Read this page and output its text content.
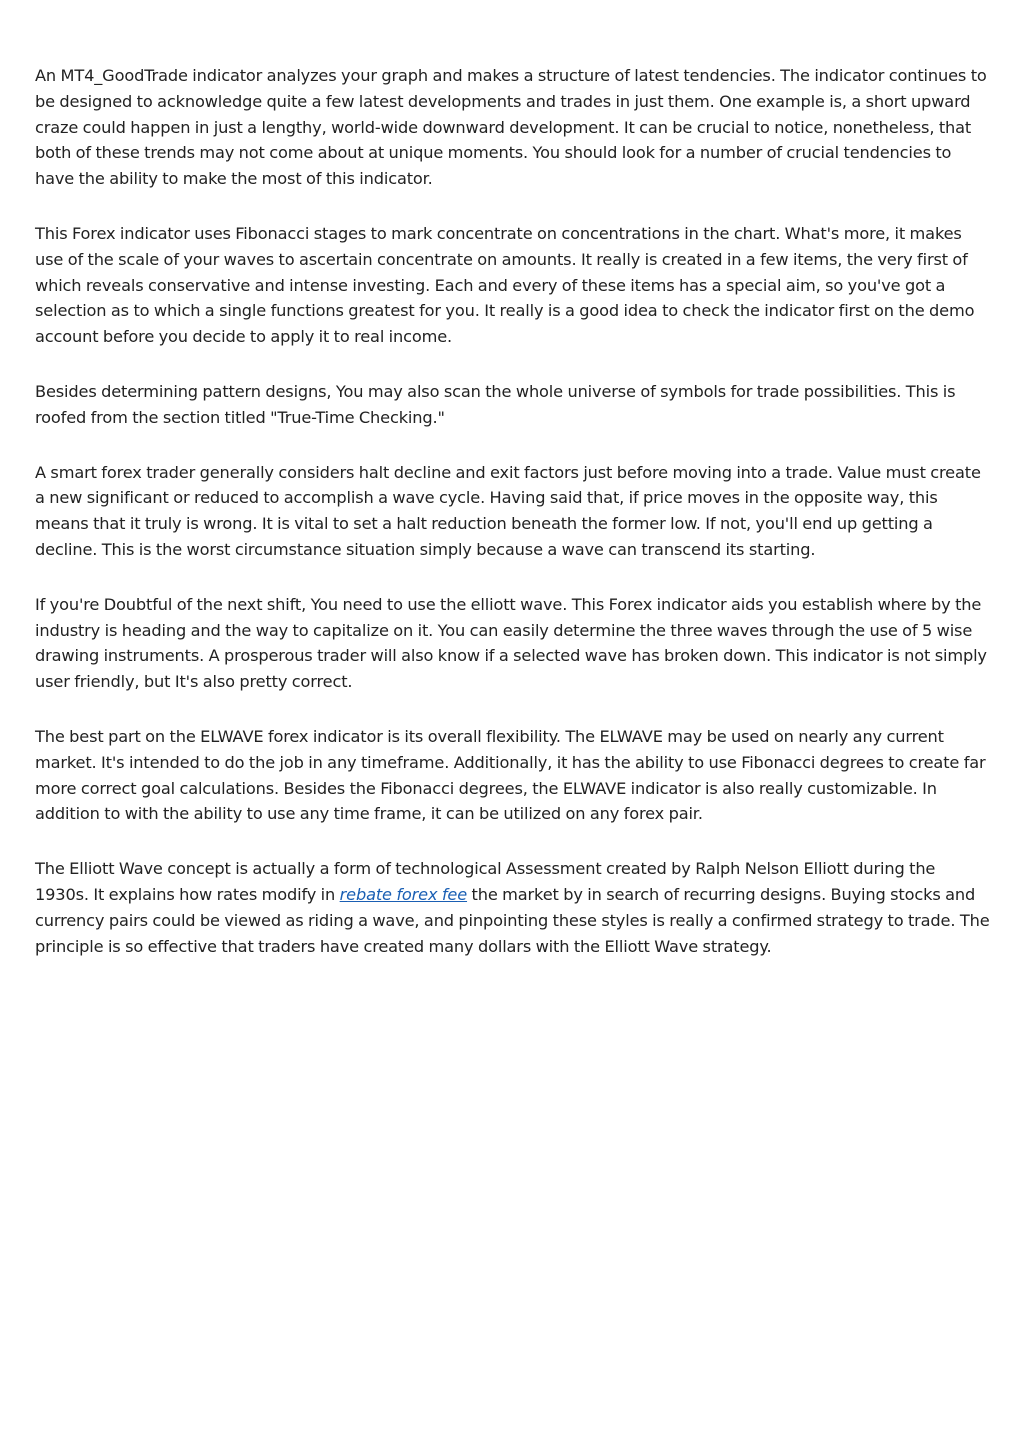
An MT4_GoodTrade indicator analyzes your graph and makes a structure of latest tendencies. The indicator continues to be designed to acknowledge quite a few latest developments and trades in just them. One example is, a short upward craze could happen in just a lengthy, world-wide downward development. It can be crucial to notice, nonetheless, that both of these trends may not come about at unique moments. You should look for a number of crucial tendencies to have the ability to make the most of this indicator.

This Forex indicator uses Fibonacci stages to mark concentrate on concentrations in the chart. What's more, it makes use of the scale of your waves to ascertain concentrate on amounts. It really is created in a few items, the very first of which reveals conservative and intense investing. Each and every of these items has a special aim, so you've got a selection as to which a single functions greatest for you. It really is a good idea to check the indicator first on the demo account before you decide to apply it to real income.

Besides determining pattern designs, You may also scan the whole universe of symbols for trade possibilities. This is roofed from the section titled "True-Time Checking."

A smart forex trader generally considers halt decline and exit factors just before moving into a trade. Value must create a new significant or reduced to accomplish a wave cycle. Having said that, if price moves in the opposite way, this means that it truly is wrong. It is vital to set a halt reduction beneath the former low. If not, you'll end up getting a decline. This is the worst circumstance situation simply because a wave can transcend its starting.

If you're Doubtful of the next shift, You need to use the elliott wave. This Forex indicator aids you establish where by the industry is heading and the way to capitalize on it. You can easily determine the three waves through the use of 5 wise drawing instruments. A prosperous trader will also know if a selected wave has broken down. This indicator is not simply user friendly, but It's also pretty correct.

The best part on the ELWAVE forex indicator is its overall flexibility. The ELWAVE may be used on nearly any current market. It's intended to do the job in any timeframe. Additionally, it has the ability to use Fibonacci degrees to create far more correct goal calculations. Besides the Fibonacci degrees, the ELWAVE indicator is also really customizable. In addition to with the ability to use any time frame, it can be utilized on any forex pair.

The Elliott Wave concept is actually a form of technological Assessment created by Ralph Nelson Elliott during the 1930s. It explains how rates modify in rebate forex fee the market by in search of recurring designs. Buying stocks and currency pairs could be viewed as riding a wave, and pinpointing these styles is really a confirmed strategy to trade. The principle is so effective that traders have created many dollars with the Elliott Wave strategy.
